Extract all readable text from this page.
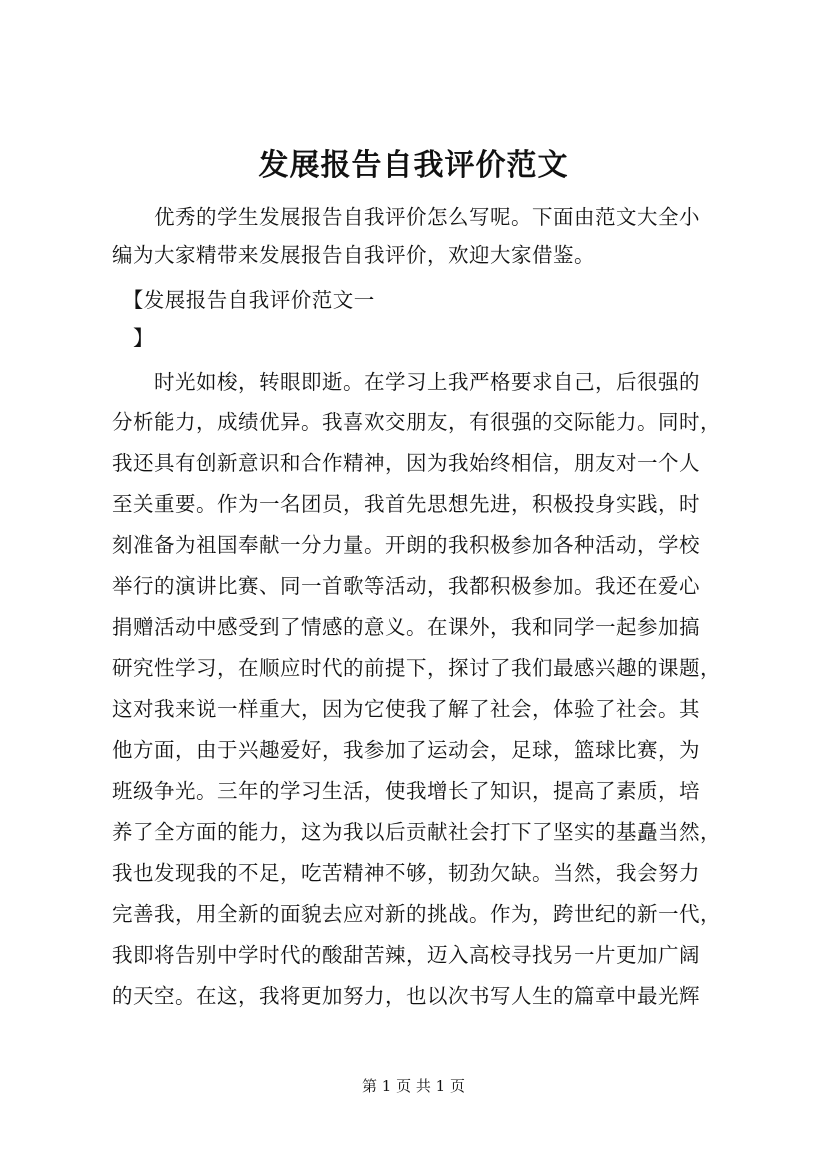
发展报告自我评价范文
　　优秀的学生发展报告自我评价怎么写呢。下面由范文大全小
编为大家精带来发展报告自我评价，欢迎大家借鉴。
　【发展报告自我评价范文一
　】
　　时光如梭，转眼即逝。在学习上我严格要求自己，后很强的
分析能力，成绩优异。我喜欢交朋友，有很强的交际能力。同时，
我还具有创新意识和合作精神，因为我始终相信，朋友对一个人
至关重要。作为一名团员，我首先思想先进，积极投身实践，时
刻准备为祖国奉献一分力量。开朗的我积极参加各种活动，学校
举行的演讲比赛、同一首歌等活动，我都积极参加。我还在爱心
捐赠活动中感受到了情感的意义。在课外，我和同学一起参加搞
研究性学习，在顺应时代的前提下，探讨了我们最感兴趣的课题，
这对我来说一样重大，因为它使我了解了社会，体验了社会。其
他方面，由于兴趣爱好，我参加了运动会，足球，篮球比赛，为
班级争光。三年的学习生活，使我增长了知识，提高了素质，培
养了全方面的能力，这为我以后贡献社会打下了坚实的基矗当然，
我也发现我的不足，吃苦精神不够，韧劲欠缺。当然，我会努力
完善我，用全新的面貌去应对新的挑战。作为，跨世纪的新一代，
我即将告别中学时代的酸甜苦辣，迈入高校寻找另一片更加广阔
的天空。在这，我将更加努力，也以次书写人生的篇章中最光辉
第 1 页 共 1 页
